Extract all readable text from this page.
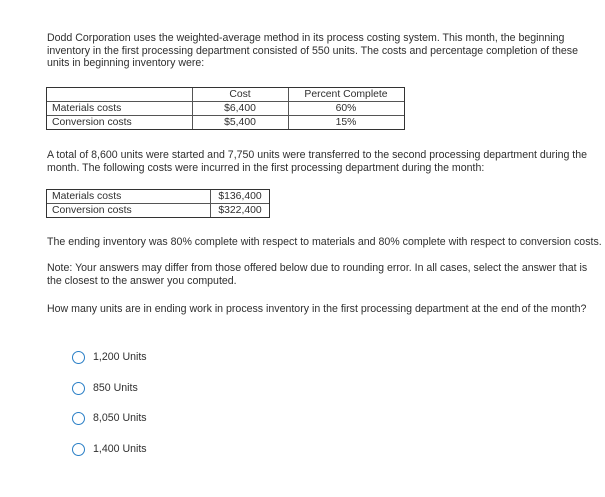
Dodd Corporation uses the weighted-average method in its process costing system. This month, the beginning inventory in the first processing department consisted of 550 units. The costs and percentage completion of these units in beginning inventory were:

	Cost	Percent Complete
Materials costs	$6,400	60%
Conversion costs	$5,400	15%

A total of 8,600 units were started and 7,750 units were transferred to the second processing department during the month. The following costs were incurred in the first processing department during the month:

Materials costs	$136,400
Conversion costs	$322,400

The ending inventory was 80% complete with respect to materials and 80% complete with respect to conversion costs.

Note: Your answers may differ from those offered below due to rounding error. In all cases, select the answer that is the closest to the answer you computed.

How many units are in ending work in process inventory in the first processing department at the end of the month?

1,200 Units
850 Units
8,050 Units
1,400 Units
